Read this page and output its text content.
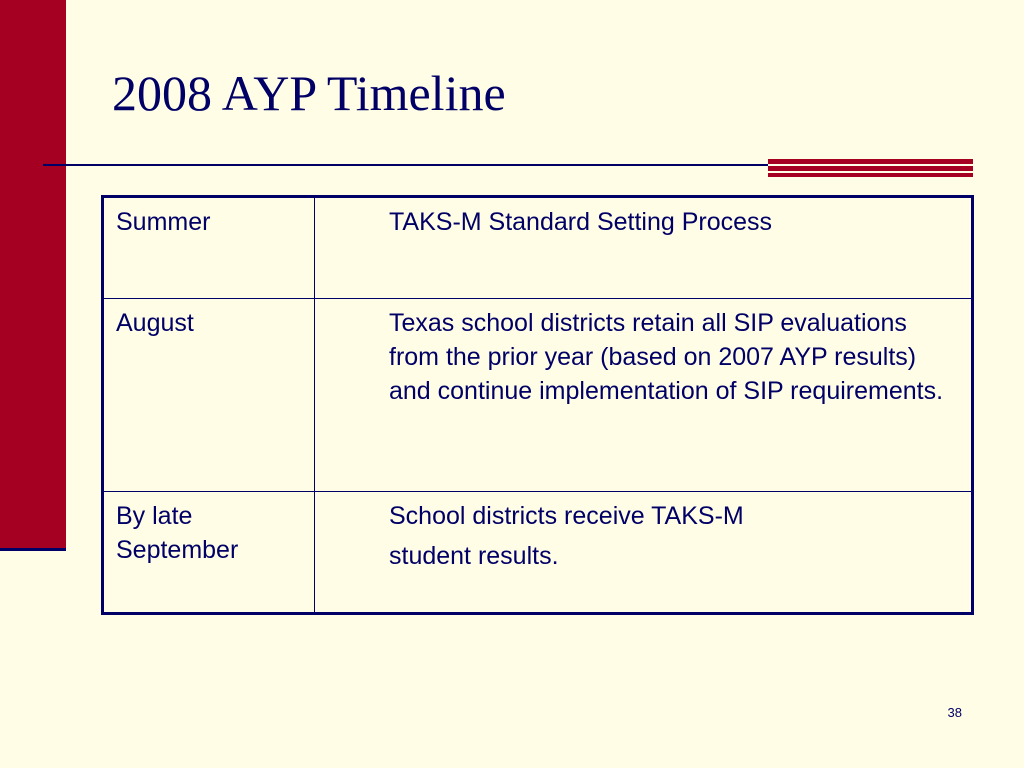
2008 AYP Timeline
Summer	TAKS-M Standard Setting Process

August	Texas school districts retain all SIP evaluations from the prior year (based on 2007 AYP results) and continue implementation of SIP requirements.

By late September	School districts receive TAKS-M
student results.
38
